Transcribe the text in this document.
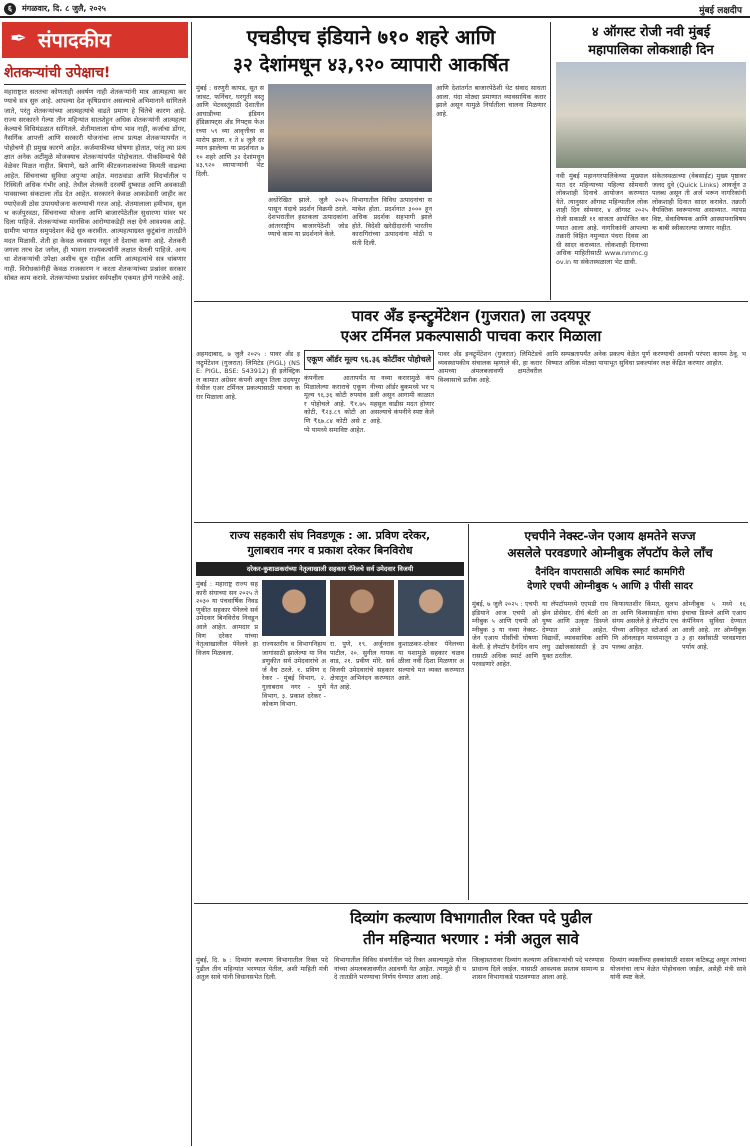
६	मंगळवार, दि. ८ जुलै, २०२५	मुंबई लक्षदीप
✒ संपादकीय
शेतकऱ्यांची उपेक्षाच!
महाराष्ट्रात सततचा कोणताही अवर्षण नाही शेतकऱ्यांनी मात्र आत्महत्या करण्याचे सत्र सुरु आहे. आपल्या देश कृषिप्रधान असल्याचे अभिमानाने सांगितले जाते, परंतु शेतकऱ्यांच्या आत्महत्यांचे वाढते प्रमाण हे चिंतेचे कारण आहे. राज्य सरकारने गेल्या तीन महिन्यांत सातशेहून अधिक शेतकऱ्यांनी आत्महत्या केल्याचे विधिमंडळात सांगितले. शेतीमालाला योग्य भाव नाही, कर्जाचा डोंगर, नैसर्गिक आपत्ती आणि सरकारी योजनांचा लाभ प्रत्यक्ष शेतकऱ्यापर्यंत न पोहोचणे ही प्रमुख कारणे आहेत. कर्जमाफीच्या घोषणा होतात, परंतु त्या प्रत्यक्षात अनेक अटींमुळे मोजक्याच शेतकऱ्यांपर्यंत पोहोचतात. पीकविम्याचे पैसे वेळेवर मिळत नाहीत. बियाणे, खते आणि कीटकनाशकांच्या किमती वाढल्या आहेत. सिंचनाच्या सुविधा अपुऱ्या आहेत. मराठवाडा आणि विदर्भातील परिस्थिती अधिक गंभीर आहे. तेथील शेतकरी दरवर्षी दुष्काळ आणि अवकाळी पावसाच्या संकटाला तोंड देत आहेत. सरकारने केवळ आकडेवारी जाहीर करण्याऐवजी ठोस उपाययोजना करण्याची गरज आहे. शेतमालाला हमीभाव, सुलभ कर्जपुरवठा, सिंचनाच्या योजना आणि बाजारपेठेतील सुधारणा यांवर भर दिला पाहिजे. शेतकऱ्यांच्या मानसिक आरोग्याकडेही लक्ष देणे आवश्यक आहे. ग्रामीण भागात समुपदेशन केंद्रे सुरु करावीत. आत्महत्याग्रस्त कुटुंबांना तातडीने मदत मिळावी. शेती हा केवळ व्यवसाय नसून तो देशाचा कणा आहे. शेतकरी जगला तरच देश जगेल, ही भावना राज्यकर्त्यांनी लक्षात घेतली पाहिजे. अन्यथा शेतकऱ्यांची उपेक्षा अशीच सुरु राहील आणि आत्महत्यांचे सत्र थांबणार नाही. विरोधकांनीही केवळ राजकारण न करता शेतकऱ्यांच्या प्रश्नांवर सरकारसोबत काम करावे. शेतकऱ्यांच्या प्रश्नांवर सर्वपक्षीय एकमत होणे गरजेचे आहे.
एचडीएच इंडियाने ७१० शहरे आणि
३२ देशांमधून ४३,९२० व्यापारी आकर्षित
मुंबई : धरणुरी कापड, सूत सजावट, फर्निचर, घरगुती वस्तू आणि भेटवस्तूंसाठी देशातील आघाडीच्या इंडियन हँडिक्राफ्ट्स अँड गिफ्ट्स फेअरच्या ५९ व्या आवृत्तीचा समारोप झाला. १ ते ४ जुलै दरम्यान झालेल्या या प्रदर्शनात ७१० शहरे आणि ३२ देशांमधून ४३,९२० व्यापाऱ्यांनी भेट दिली.
अधोरेखित झाले. जुलै २०२५ पासून यंदाचे प्रदर्शन विक्रमी ठरले. देशभरातील हस्तकला उत्पादकांना आंतरराष्ट्रीय बाजारपेठेशी जोडण्याचे काम या प्रदर्शनाने केले.
विभागातील विविध उत्पादनांचा समावेश होता. प्रदर्शनात ३००० हून अधिक प्रदर्शक सहभागी झाले होते. विदेशी खरेदीदारांनी भारतीय कारागिरांच्या उत्पादनांना मोठी पसंती दिली.
आणि देशांतर्गत बाजारपेठेशी थेट संवाद साधता आला. यंदा मोठ्या प्रमाणात व्यावसायिक करार झाले असून यामुळे निर्यातीला चालना मिळणार आहे.
४ ऑगस्ट रोजी नवी मुंबई
महापालिका लोकशाही दिन
नवी मुंबई महानगरपालिकेच्या मुख्यालयात दर महिन्याच्या पहिल्या सोमवारी लोकशाही दिनाचे आयोजन करण्यात येते. त्यानुसार ऑगस्ट महिन्यातील लोकशाही दिन सोमवार, ४ ऑगस्ट २०२५ रोजी सकाळी ११ वाजता आयोजित करण्यात आला आहे. नागरिकांनी आपल्या तक्रारी विहित नमुन्यात पंधरा दिवस आधी सादर कराव्यात. लोकशाही दिनाच्या अधिक माहितीसाठी www.nmmc.gov.in या संकेतस्थळाला भेट द्यावी.
संकेतस्थळाच्या (वेबसाईट) मुख्य पृष्ठावर जलद दुवे (Quick Links) आवर्जून उपलब्ध असून ती अर्ज भरून नागरिकांनी लोकशाही दिनात सादर करावेत. तक्रारी वैयक्तिक स्वरूपाच्या असाव्यात. न्यायप्रविष्ट, सेवाविषयक आणि आस्थापनाविषयक बाबी स्वीकारल्या जाणार नाहीत.
पावर अँड इन्स्ट्रुमेंटेशन (गुजरात) ला उदयपूर
एअर टर्मिनल प्रकल्पासाठी पाचवा करार मिळाला
अहमदाबाद, ७ जुलै २०२५ : पावर अँड इन्स्ट्रुमेंटेशन (गुजरात) लिमिटेड (PIGL) (NSE: PIGL, BSE: 543912) ही इलेक्ट्रिकल कामात अग्रेसर कंपनी असून तिला उदयपूर येथील एअर टर्मिनल प्रकल्पासाठी पाचवा करार मिळाला आहे.
एकूण ऑर्डर मूल्य ९६.३६ कोटींवर पोहोचले
कंपनीला आतापर्यंत मिळालेल्या कराराचे एकूण मूल्य ९६.३६ कोटी रुपयांवर पोहोचले आहे. ₹१.७५ कोटी, ₹२३.८९ कोटी आणि ₹६७.८४ कोटी असे टप्पे यामध्ये समाविष्ट आहेत.
या नव्या करारामुळे कंपनीच्या ऑर्डर बुकमध्ये भर पडली असून आगामी काळात महसूल वाढीस मदत होणार असल्याचे कंपनीने स्पष्ट केले आहे.
पावर अँड इन्स्ट्रुमेंटेशन (गुजरात) लिमिटेडचे व्यवस्थापकीय संचालक म्हणाले की, हा करार आमच्या अंमलबजावणी क्षमतेवरील विश्वासाचे प्रतीक आहे.
आमि सम्पन्नतापर्यंत अनेक प्रकल्प वेळेत पूर्ण करण्याची आमची परंपरा कायम ठेवू. भविष्यात अधिक मोठ्या पायाभूत सुविधा प्रकल्पांवर लक्ष केंद्रित करणार आहोत.
एचपीने नेक्स्ट-जेन एआय क्षमतेने सज्ज
असलेले परवडणारे ओम्नीबुक लॅपटॉप केले लाँच
दैनंदिन वापरासाठी अधिक स्मार्ट कामगिरी
देणारे एचपी ओम्नीबुक ५ आणि ३ पीसी सादर
मुंबई, ७ जुलै २०२५ : एचपी इंडियाने आज एचपी ओम्नीबुक ५ आणि एचपी ओम्नीबुक ३ या नव्या नेक्स्ट-जेन एआय पीसींची घोषणा केली. हे लॅपटॉप दैनंदिन वापरासाठी अधिक स्मार्ट आणि परवडणारे आहेत.
या लॅपटॉपमध्ये एएमडी रायझेन प्रोसेसर, दीर्घ बॅटरी आयुष्य आणि उत्कृष्ट डिस्प्ले देण्यात आले आहेत. विद्यार्थी, व्यावसायिक आणि लघु उद्योजकांसाठी हे उपयुक्त ठरतील.
किफायतशीर किंमत, सुलभता आणि विश्वासार्हता यांचा संगम असलेले हे लॅपटॉप एचपीच्या अधिकृत स्टोअर्स आणि ऑनलाइन माध्यमातून उपलब्ध आहेत.
ओम्नीबुक ५ मध्ये १६ इंचाचा डिस्प्ले आणि एआय कंपॅनियन सुविधा देण्यात आली आहे. तर ओम्नीबुक ३ हा सर्वांसाठी परवडणारा पर्याय आहे.
राज्य सहकारी संघ निवडणूक : आ. प्रविण दरेकर,
गुलाबराव नगर व प्रकाश दरेकर बिनविरोध
दरेकर-कुशाळकरांच्या नेतृत्वाखाली सहकार पॅनेलचे सर्व उमेदवार विजयी
मुंबई : महाराष्ट्र राज्य सहकारी संघाच्या सन २०२५ ते २०३० या पंचवार्षिक निवडणुकीत सहकार पॅनेलचे सर्व उमेदवार बिनविरोध निवडून आले आहेत. आमदार प्रविण दरेकर यांच्या नेतृत्वाखालील पॅनेलने हा विजय मिळवला.
राज्यस्तरीय व विभागनिहाय जागांसाठी झालेल्या या निवडणुकीत सर्व उमेदवारांचे अर्ज वैध ठरले. १. प्रविण दरेकर - मुंबई विभाग, २. गुलाबराव नगर - पुणे विभाग, ३. प्रकाश दरेकर - कोकण विभाग.
रा. पुणे, १९. अर्जुनराव पाटील, २०. सुनील गायकवाड, २१. प्रवीण मोरे. सर्व विजयी उमेदवारांचे सहकार क्षेत्रातून अभिनंदन करण्यात येत आहे.
कुशाळकर-दरेकर पॅनेलच्या या यशामुळे सहकार चळवळीला नवी दिशा मिळणार असल्याचे मत व्यक्त करण्यात आले.
दिव्यांग कल्याण विभागातील रिक्त पदे पुढील
तीन महिन्यात भरणार : मंत्री अतुल सावे
मुंबई, दि. ७ : दिव्यांग कल्याण विभागातील रिक्त पदे पुढील तीन महिन्यांत भरण्यात येतील, अशी माहिती मंत्री अतुल सावे यांनी विधानसभेत दिली.
विभागातील विविध संवर्गातील पदे रिक्त असल्यामुळे योजनांच्या अंमलबजावणीत अडचणी येत आहेत. त्यामुळे ही पदे तातडीने भरण्याचा निर्णय घेण्यात आला आहे.
जिल्हास्तरावर दिव्यांग कल्याण अधिकाऱ्यांची पदे भरण्यास प्राधान्य दिले जाईल. यासाठी आवश्यक प्रस्ताव सामान्य प्रशासन विभागाकडे पाठवण्यात आला आहे.
दिव्यांग व्यक्तींच्या हक्कांसाठी शासन कटिबद्ध असून त्यांच्या योजनांचा लाभ वेळेत पोहोचवला जाईल, असेही मंत्री सावे यांनी स्पष्ट केले.
